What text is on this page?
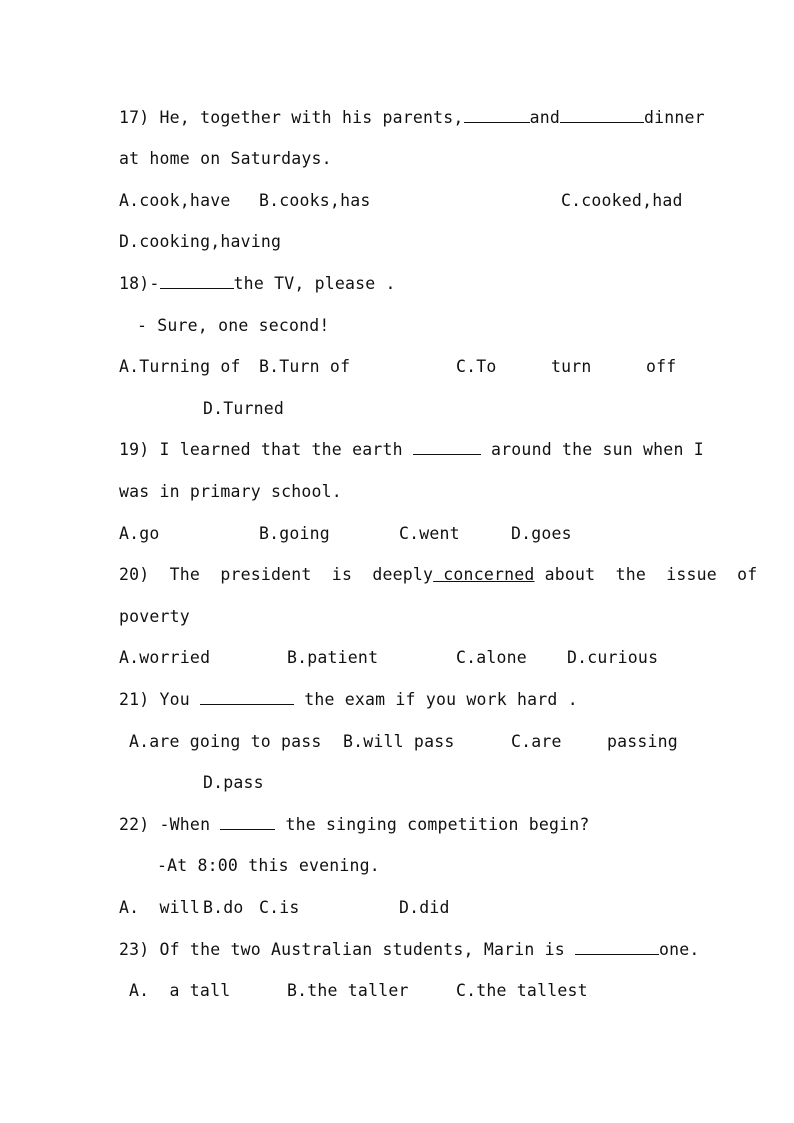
17) He, together with his parents,	and	dinner
at home on Saturdays.
A.cook,have B.cooks,has	C.cooked,had
D.cooking,having
18)-	the TV, please .
- Sure, one second!
A.Turning of B.Turn of	C.To	turn	off
D.Turned
19) I learned that the earth	around the sun when I
was in primary school.
A.go	B.going	C.went	D.goes
20)  The  president  is  deeply concerned about  the  issue  of
poverty
A.worried	B.patient	C.alone D.curious
21) You	the exam if you work hard .
A.are going to pass B.will pass	C.are	passing
D.pass
22) -When	the singing competition begin?
-At 8:00 this evening.
A.  will B.do C.is	D.did
23) Of the two Australian students, Marin is	one.
A.  a tall	B.the taller	C.the tallest
